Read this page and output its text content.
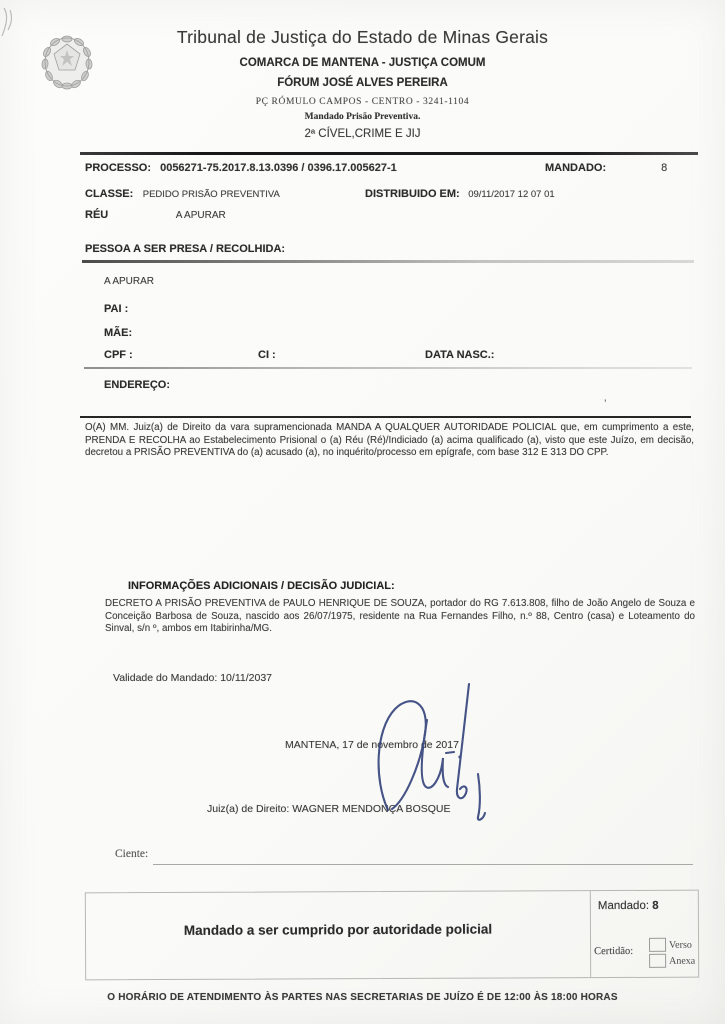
Tribunal de Justiça do Estado de Minas Gerais
COMARCA DE MANTENA - JUSTIÇA COMUM
FÓRUM JOSÉ ALVES PEREIRA
PÇ RÓMULO CAMPOS - CENTRO - 3241-1104
Mandado Prisão Preventiva.
2ª CÍVEL,CRIME E JIJ
PROCESSO: 0056271-75.2017.8.13.0396 / 0396.17.005627-1	MANDADO:	8
CLASSE: PEDIDO PRISÃO PREVENTIVA	DISTRIBUIDO EM: 09/11/2017 12 07 01
RÉU	A APURAR
PESSOA A SER PRESA / RECOLHIDA:
A APURAR
PAI :
MÃE:
CPF :	CI :	DATA NASC.:
ENDEREÇO:
’
O(A) MM. Juiz(a) de Direito da vara supramencionada MANDA A QUALQUER AUTORIDADE POLICIAL que, em cumprimento a este, PRENDA E RECOLHA ao Estabelecimento Prisional o (a) Réu (Ré)/Indiciado (a) acima qualificado (a), visto que este Juízo, em decisão, decretou a PRISÃO PREVENTIVA do (a) acusado (a), no inquérito/processo em epígrafe, com base 312 E 313 DO CPP.
INFORMAÇÕES ADICIONAIS / DECISÃO JUDICIAL:
DECRETO A PRISÃO PREVENTIVA de PAULO HENRIQUE DE SOUZA, portador do RG 7.613.808, filho de João Angelo de Souza e Conceição Barbosa de Souza, nascido aos 26/07/1975, residente na Rua Fernandes Filho, n.º 88, Centro (casa) e Loteamento do Sinval, s/n º, ambos em Itabirinha/MG.
Validade do Mandado: 10/11/2037
MANTENA, 17 de novembro de 2017
Juiz(a) de Direito: WAGNER MENDONÇA BOSQUE
Ciente:
Mandado a ser cumprido por autoridade policial
Mandado: 8
Certidão:
Verso
Anexa
O HORÁRIO DE ATENDIMENTO ÀS PARTES NAS SECRETARIAS DE JUÍZO É DE 12:00 ÀS 18:00 HORAS
